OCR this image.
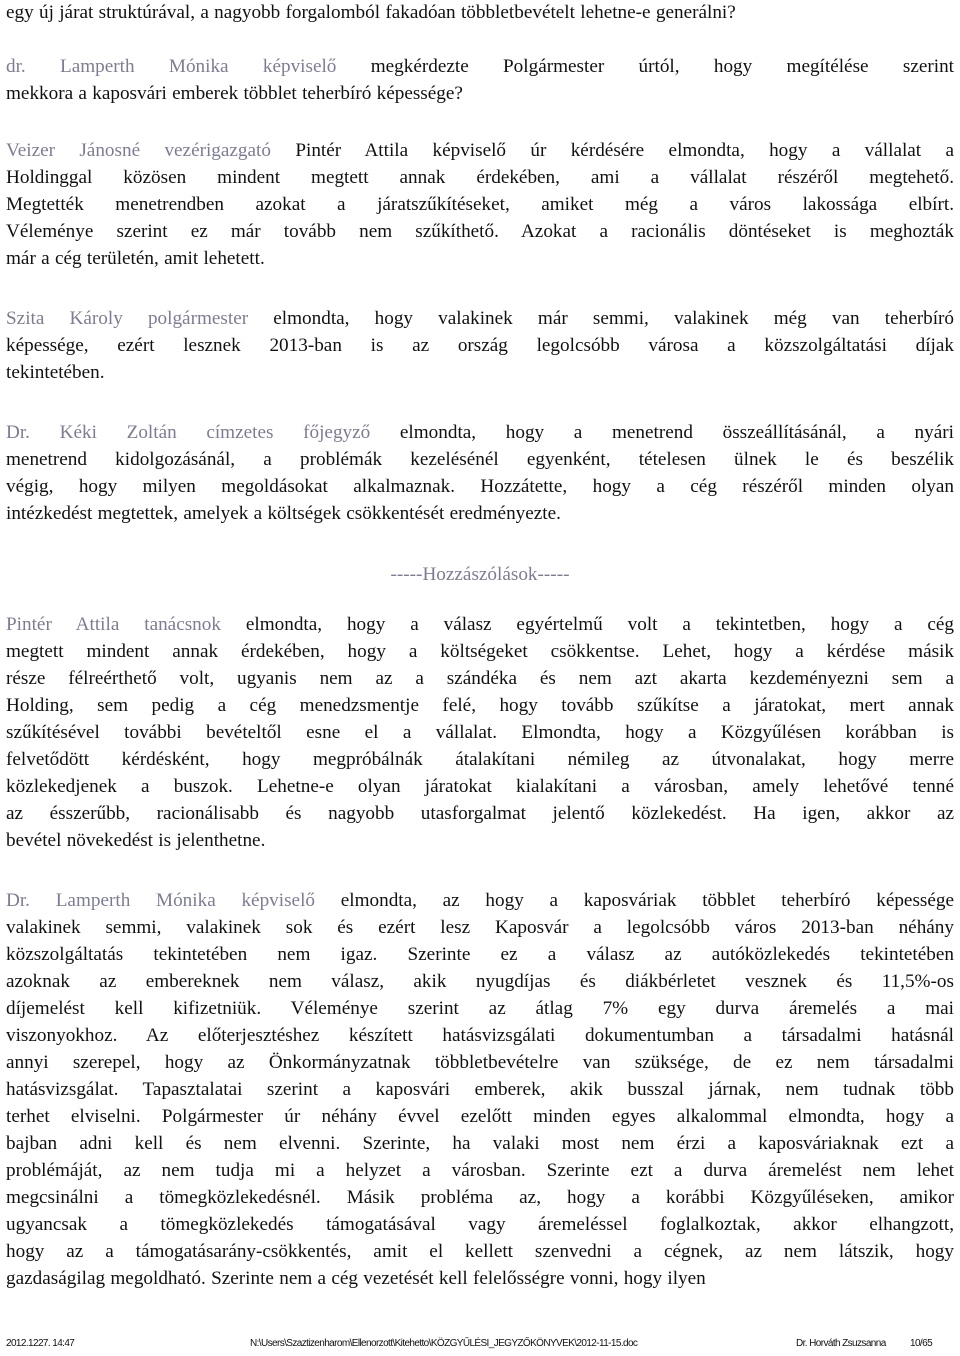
egy új járat struktúrával, a nagyobb forgalomból fakadóan többletbevételt lehetne-e generálni?
dr. Lamperth Mónika képviselő megkérdezte Polgármester úrtól, hogy megítélése szerint
mekkora a kaposvári emberek többlet teherbíró képessége?
Veizer Jánosné vezérigazgató Pintér Attila képviselő úr kérdésére elmondta, hogy a vállalat a
Holdinggal közösen mindent megtett annak érdekében, ami a vállalat részéről megtehető.
Megtették menetrendben azokat a járatszűkítéseket, amiket még a város lakossága elbírt.
Véleménye szerint ez már tovább nem szűkíthető. Azokat a racionális döntéseket is meghozták
már a cég területén, amit lehetett.
Szita Károly polgármester elmondta, hogy valakinek már semmi, valakinek még van teherbíró
képessége, ezért lesznek 2013-ban is az ország legolcsóbb városa a közszolgáltatási díjak
tekintetében.
Dr. Kéki Zoltán címzetes főjegyző elmondta, hogy a menetrend összeállításánál, a nyári
menetrend kidolgozásánál, a problémák kezelésénél egyenként, tételesen ülnek le és beszélik
végig, hogy milyen megoldásokat alkalmaznak. Hozzátette, hogy a cég részéről minden olyan
intézkedést megtettek, amelyek a költségek csökkentését eredményezte.
-----Hozzászólások-----
Pintér Attila tanácsnok elmondta, hogy a válasz egyértelmű volt a tekintetben, hogy a cég
megtett mindent annak érdekében, hogy a költségeket csökkentse. Lehet, hogy a kérdése másik
része félreérthető volt, ugyanis nem az a szándéka és nem azt akarta kezdeményezni sem a
Holding, sem pedig a cég menedzsmentje felé, hogy tovább szűkítse a járatokat, mert annak
szűkítésével további bevételtől esne el a vállalat. Elmondta, hogy a Közgyűlésen korábban is
felvetődött kérdésként, hogy megpróbálnák átalakítani némileg az útvonalakat, hogy merre
közlekedjenek a buszok. Lehetne-e olyan járatokat kialakítani a városban, amely lehetővé tenné
az ésszerűbb, racionálisabb és nagyobb utasforgalmat jelentő közlekedést. Ha igen, akkor az
bevétel növekedést is jelenthetne.
Dr. Lamperth Mónika képviselő elmondta, az hogy a kaposváriak többlet teherbíró képessége
valakinek semmi, valakinek sok és ezért lesz Kaposvár a legolcsóbb város 2013-ban néhány
közszolgáltatás tekintetében nem igaz. Szerinte ez a válasz az autóközlekedés tekintetében
azoknak az embereknek nem válasz, akik nyugdíjas és diákbérletet vesznek és 11,5%-os
díjemelést kell kifizetniük. Véleménye szerint az átlag 7% egy durva áremelés a mai
viszonyokhoz. Az előterjesztéshez készített hatásvizsgálati dokumentumban a társadalmi hatásnál
annyi szerepel, hogy az Önkormányzatnak többletbevételre van szüksége, de ez nem társadalmi
hatásvizsgálat. Tapasztalatai szerint a kaposvári emberek, akik busszal járnak, nem tudnak több
terhet elviselni. Polgármester úr néhány évvel ezelőtt minden egyes alkalommal elmondta, hogy a
bajban adni kell és nem elvenni. Szerinte, ha valaki most nem érzi a kaposváriaknak ezt a
problémáját, az nem tudja mi a helyzet a városban. Szerinte ezt a durva áremelést nem lehet
megcsinálni a tömegközlekedésnél. Másik probléma az, hogy a korábbi Közgyűléseken, amikor
ugyancsak a tömegközlekedés támogatásával vagy áremeléssel foglalkoztak, akkor elhangzott,
hogy az a támogatásarány-csökkentés, amit el kellett szenvedni a cégnek, az nem látszik, hogy
gazdaságilag megoldható. Szerinte nem a cég vezetését kell felelősségre vonni, hogy ilyen
2012.1227. 14:47	N:\Users\Szaztizenharom\Ellenorzott\Kitehetto\KÖZGYŰLÉSI_JEGYZŐKÖNYVEK\2012-11-15.doc	Dr. Horváth Zsuzsanna 10/65
